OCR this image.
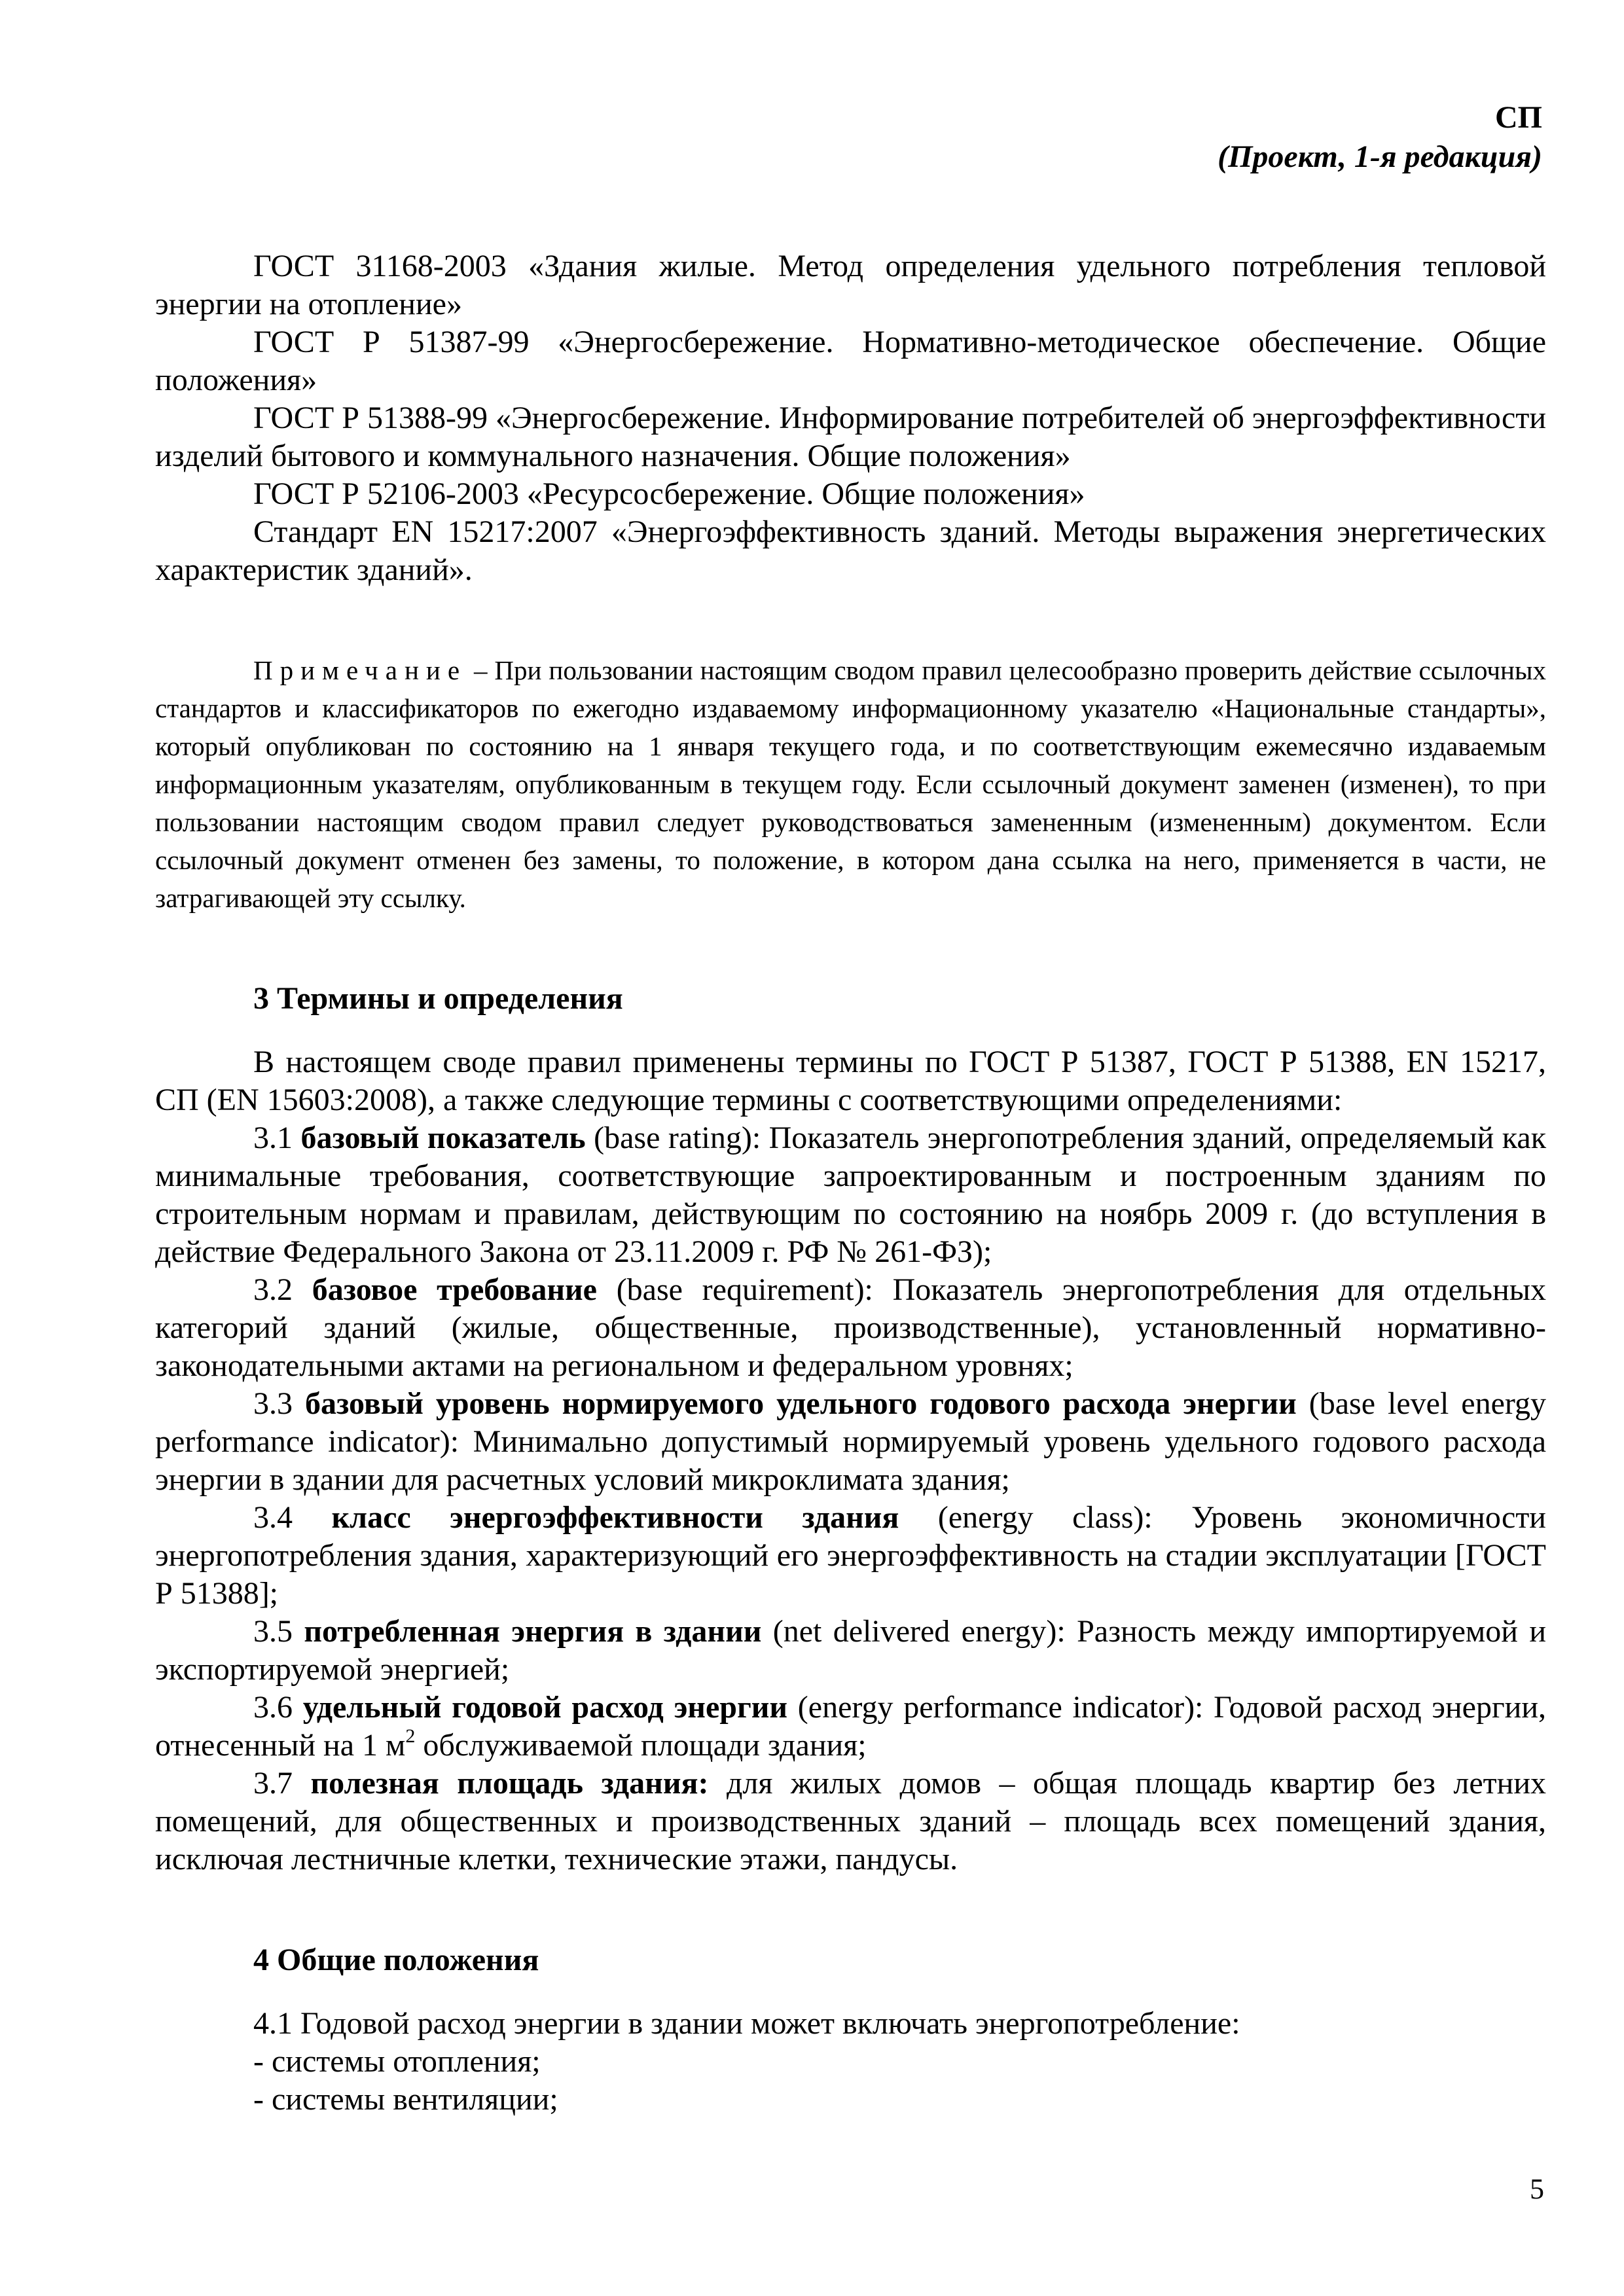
СП
(Проект, 1-я редакция)

ГОСТ 31168-2003 «Здания жилые. Метод определения удельного потребления тепловой энергии на отопление»

ГОСТ Р 51387-99 «Энергосбережение. Нормативно-методическое обеспечение. Общие положения»

ГОСТ Р 51388-99 «Энергосбережение. Информирование потребителей об энергоэффективности изделий бытового и коммунального назначения. Общие положения»

ГОСТ Р 52106-2003 «Ресурсосбережение. Общие положения»

Стандарт EN 15217:2007 «Энергоэффективность зданий. Методы выражения энергетических характеристик зданий».

Примечание – При пользовании настоящим сводом правил целесообразно проверить действие ссылочных стандартов и классификаторов по ежегодно издаваемому информационному указателю «Национальные стандарты», который опубликован по состоянию на 1 января текущего года, и по соответствующим ежемесячно издаваемым информационным указателям, опубликованным в текущем году. Если ссылочный документ заменен (изменен), то при пользовании настоящим сводом правил следует руководствоваться замененным (измененным) документом. Если ссылочный документ отменен без замены, то положение, в котором дана ссылка на него, применяется в части, не затрагивающей эту ссылку.

3 Термины и определения

В настоящем своде правил применены термины по ГОСТ Р 51387, ГОСТ Р 51388, EN 15217, СП (EN 15603:2008), а также следующие термины с соответствующими определениями:

3.1 базовый показатель (base rating): Показатель энергопотребления зданий, определяемый как минимальные требования, соответствующие запроектированным и построенным зданиям по строительным нормам и правилам, действующим по состоянию на ноябрь 2009 г. (до вступления в действие Федерального Закона от 23.11.2009 г. РФ № 261-ФЗ);

3.2 базовое требование (base requirement): Показатель энергопотребления для отдельных категорий зданий (жилые, общественные, производственные), установленный нормативно-законодательными актами на региональном и федеральном уровнях;

3.3 базовый уровень нормируемого удельного годового расхода энергии (base level energy performance indicator): Минимально допустимый нормируемый уровень удельного годового расхода энергии в здании для расчетных условий микроклимата здания;

3.4 класс энергоэффективности здания (energy class): Уровень экономичности энергопотребления здания, характеризующий его энергоэффективность на стадии эксплуатации [ГОСТ Р 51388];

3.5 потребленная энергия в здании (net delivered energy): Разность между импортируемой и экспортируемой энергией;

3.6 удельный годовой расход энергии (energy performance indicator): Годовой расход энергии, отнесенный на 1 $м^2$ обслуживаемой площади здания;

3.7 полезная площадь здания: для жилых домов – общая площадь квартир без летних помещений, для общественных и производственных зданий – площадь всех помещений здания, исключая лестничные клетки, технические этажи, пандусы.

4 Общие положения

4.1 Годовой расход энергии в здании может включать энергопотребление:

- системы отопления;

- системы вентиляции;

5
